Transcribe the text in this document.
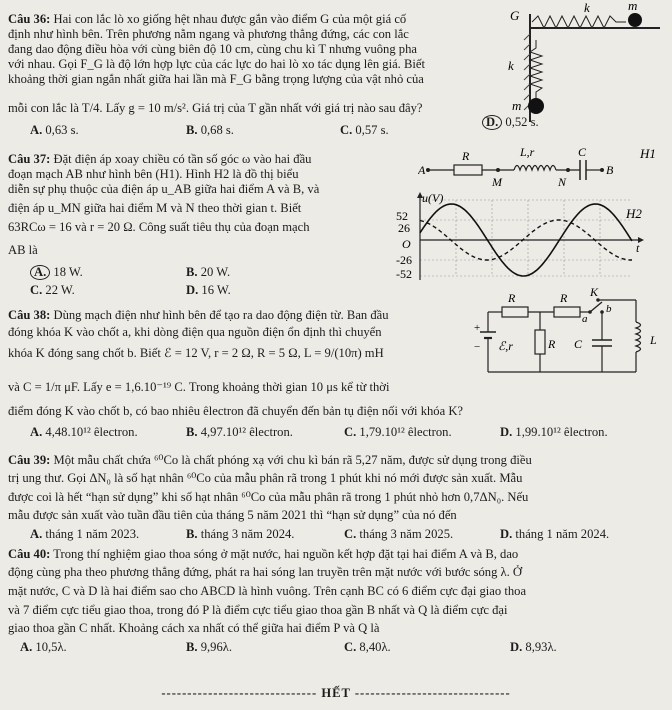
Câu 36: Hai con lắc lò xo giống hệt nhau được gắn vào điểm G của một giá cố
định như hình bên. Trên phương nằm ngang và phương thẳng đứng, các con lắc
đang dao động điều hòa với cùng biên độ 10 cm, cùng chu kì T nhưng vuông pha
với nhau. Gọi F_G là độ lớn hợp lực của các lực do hai lò xo tác dụng lên giá. Biết
khoảng thời gian ngắn nhất giữa hai lần mà F_G bằng trọng lượng của vật nhỏ của
mỗi con lắc là T/4. Lấy g = 10 m/s². Giá trị của T gần nhất với giá trị nào sau đây?
A. 0,63 s.	B. 0,68 s.	C. 0,57 s.
D. 0,52 s.
G
k	m
k
m
Câu 37: Đặt điện áp xoay chiều có tần số góc ω vào hai đầu
đoạn mạch AB như hình bên (H1). Hình H2 là đồ thị biểu
diễn sự phụ thuộc của điện áp u_AB giữa hai điểm A và B, và
điện áp u_MN giữa hai điểm M và N theo thời gian t. Biết
63RCω = 16 và r = 20 Ω. Công suất tiêu thụ của đoạn mạch
AB là
A. 18 W.	B. 20 W.
C. 22 W.	D. 16 W.
A
R	L,r	C
B
M	N
H1
u(V)
t
52
26
O
-26
-52
H2
Câu 38: Dùng mạch điện như hình bên để tạo ra dao động điện từ. Ban đầu
đóng khóa K vào chốt a, khi dòng điện qua nguồn điện ổn định thì chuyển
khóa K đóng sang chốt b. Biết ℰ = 12 V, r = 2 Ω, R = 5 Ω, L = 9/(10π) mH
và C = 1/π μF. Lấy e = 1,6.10⁻¹⁹ C. Trong khoảng thời gian 10 μs kể từ thời
điểm đóng K vào chốt b, có bao nhiêu êlectron đã chuyển đến bản tụ điện nối với khóa K?
A. 4,48.10¹² êlectron.	B. 4,97.10¹² êlectron.	C. 1,79.10¹² êlectron.	D. 1,99.10¹² êlectron.
R	R K
a
b
+
− ℰ,r	R C	L
Câu 39: Một mẫu chất chứa ⁶⁰Co là chất phóng xạ với chu kì bán rã 5,27 năm, được sử dụng trong điều
trị ung thư. Gọi ΔN₀ là số hạt nhân ⁶⁰Co của mẫu phân rã trong 1 phút khi nó mới được sản xuất. Mẫu
được coi là hết “hạn sử dụng” khi số hạt nhân ⁶⁰Co của mẫu phân rã trong 1 phút nhỏ hơn 0,7ΔN₀. Nếu
mẫu được sản xuất vào tuần đầu tiên của tháng 5 năm 2021 thì “hạn sử dụng” của nó đến
A. tháng 1 năm 2023.	B. tháng 3 năm 2024.	C. tháng 3 năm 2025.	D. tháng 1 năm 2024.
Câu 40: Trong thí nghiệm giao thoa sóng ở mặt nước, hai nguồn kết hợp đặt tại hai điểm A và B, dao
động cùng pha theo phương thẳng đứng, phát ra hai sóng lan truyền trên mặt nước với bước sóng λ. Ở
mặt nước, C và D là hai điểm sao cho ABCD là hình vuông. Trên cạnh BC có 6 điểm cực đại giao thoa
và 7 điểm cực tiểu giao thoa, trong đó P là điểm cực tiểu giao thoa gần B nhất và Q là điểm cực đại
giao thoa gần C nhất. Khoảng cách xa nhất có thể giữa hai điểm P và Q là
A. 10,5λ.	B. 9,96λ.	C. 8,40λ.	D. 8,93λ.
------------------------------ HẾT ------------------------------
